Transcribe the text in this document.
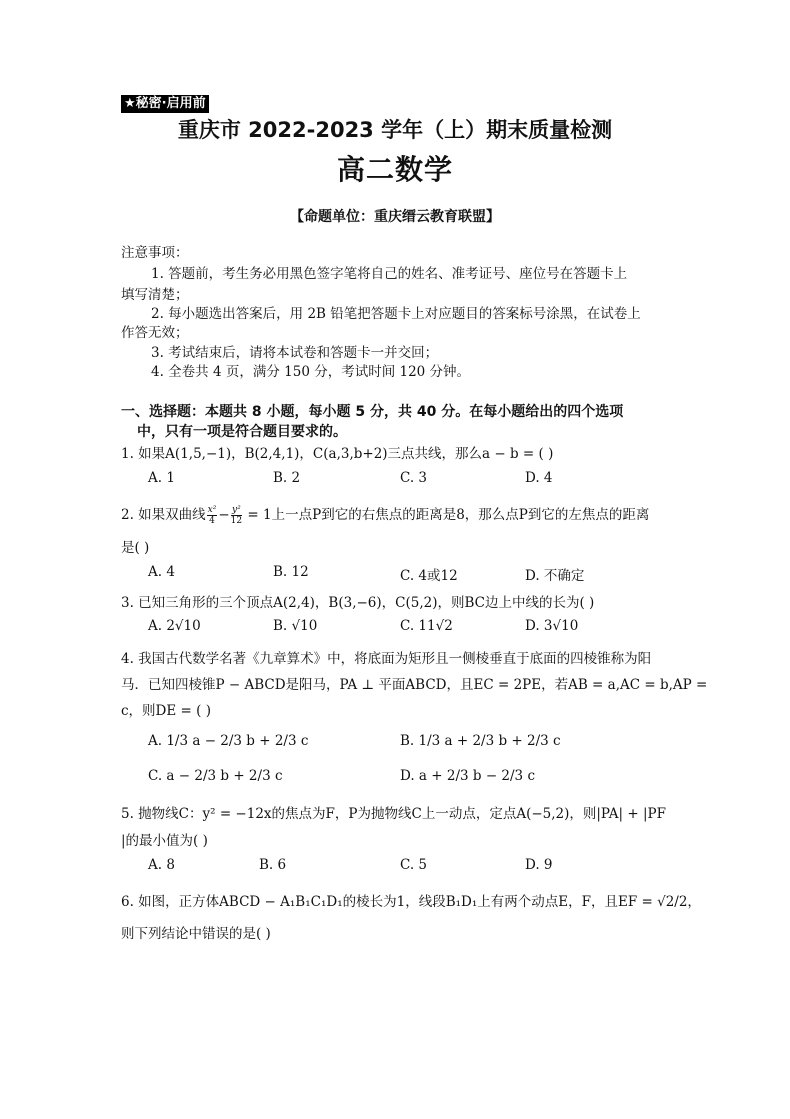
★秘密·启用前
重庆市 2022-2023 学年（上）期末质量检测
高二数学
【命题单位：重庆缙云教育联盟】
注意事项：
1. 答题前，考生务必用黑色签字笔将自己的姓名、准考证号、座位号在答题卡上
填写清楚；
2. 每小题选出答案后，用 2B 铅笔把答题卡上对应题目的答案标号涂黑，在试卷上
作答无效；
3. 考试结束后，请将本试卷和答题卡一并交回；
4. 全卷共 4 页，满分 150 分，考试时间 120 分钟。
一、选择题：本题共 8 小题，每小题 5 分，共 40 分。在每小题给出的四个选项
中，只有一项是符合题目要求的。
1. 如果A(1,5,−1)，B(2,4,1)，C(a,3,b+2)三点共线，那么a − b = ( )
A. 1	B. 2	C. 3	D. 4
2. 如果双曲线 $\frac{\text{x²}}{4} - \frac{\text{y²}}{12} = 1$上一点P到它的右焦点的距离是8，那么点P到它的左焦点的距离
是( )
A. 4	B. 12	C. 4或12	D. 不确定
3. 已知三角形的三个顶点A(2,4)，B(3,−6)，C(5,2)，则BC边上中线的长为( )
A. 2√10	B. √10	C. 11√2	D. 3√10
4. 我国古代数学名著《九章算术》中，将底面为矩形且一侧棱垂直于底面的四棱锥称为阳
马．已知四棱锥P − ABCD是阳马，PA ⊥ 平面ABCD，且EC = 2PE，若AB = a,AC = b,AP =
c，则DE = ( )
A. 1/3 a − 2/3 b + 2/3 c	B. 1/3 a + 2/3 b + 2/3 c
C. a − 2/3 b + 2/3 c	D. a + 2/3 b − 2/3 c
5. 抛物线C：y² = −12x的焦点为F，P为抛物线C上一动点，定点A(−5,2)，则|PA| + |PF
|的最小值为( )
A. 8	B. 6	C. 5	D. 9
6. 如图，正方体ABCD − A₁B₁C₁D₁的棱长为1，线段B₁D₁上有两个动点E，F，且EF = √2/2，
则下列结论中错误的是( )
